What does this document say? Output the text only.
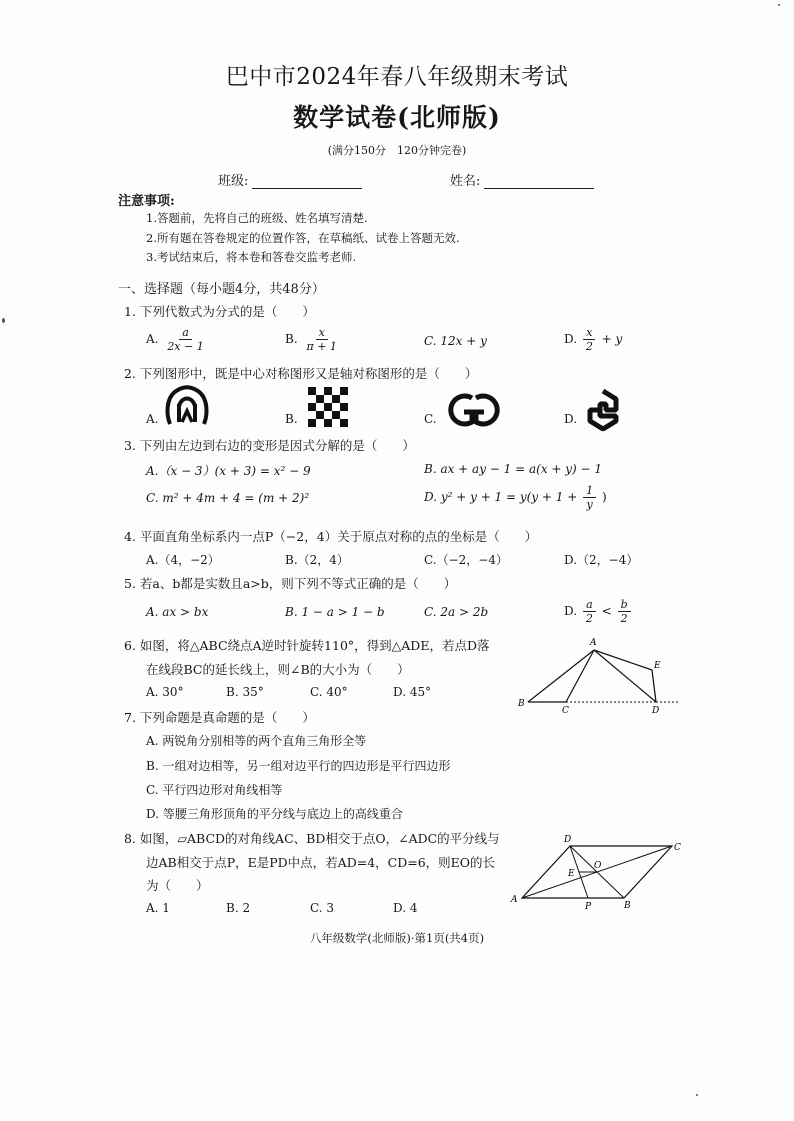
巴中市2024年春八年级期末考试
数学试卷(北师版)
(满分150分　120分钟完卷)
班级:	姓名:
注意事项:
1.答题前，先将自己的班级、姓名填写清楚.
2.所有题在答卷规定的位置作答，在草稿纸、试卷上答题无效.
3.考试结束后，将本卷和答卷交监考老师.
一、选择题（每小题4分，共48分）
1. 下列代数式为分式的是（　　）
A. $\frac{a}{2x - 1}$	B. $\frac{x}{\pi + 1}$	C. 12x + y	D. $\frac{x}{2} + y$
2. 下列图形中，既是中心对称图形又是轴对称图形的是（　　）
A.	B.	C.	D.
3. 下列由左边到右边的变形是因式分解的是（　　）
A.（x − 3）(x + 3) = x² − 9	B. ax + ay − 1 = a(x + y) − 1
C. m² + 4m + 4 = (m + 2)²	D. $y^2 + y + 1 = y(y + 1 + \frac{1}{y}$ )
4. 平面直角坐标系内一点P（−2，4）关于原点对称的点的坐标是（　　）
A.（4，−2）	B.（2，4）	C.（−2，−4）	D.（2，−4）
5. 若a、b都是实数且a>b，则下列不等式正确的是（　　）
A. ax > bx	B. 1 − a > 1 − b	C. 2a > 2b	D. $\frac{a}{2} < \frac{b}{2}$
6. 如图，将△ABC绕点A逆时针旋转110°，得到△ADE，若点D落
在线段BC的延长线上，则∠B的大小为（　　）
A. 30°	B. 35°	C. 40°	D. 45°
A
B
C	D
E
7. 下列命题是真命题的是（　　）
A. 两锐角分别相等的两个直角三角形全等
B. 一组对边相等，另一组对边平行的四边形是平行四边形
C. 平行四边形对角线相等
D. 等腰三角形顶角的平分线与底边上的高线重合
8. 如图，▱ABCD的对角线AC、BD相交于点O，∠ADC的平分线与
边AB相交于点P，E是PD中点，若AD=4，CD=6，则EO的长
为（　　）
A. 1	B. 2	C. 3	D. 4
D
C
A
B
O
E
P
八年级数学(北师版)·第1页(共4页)
